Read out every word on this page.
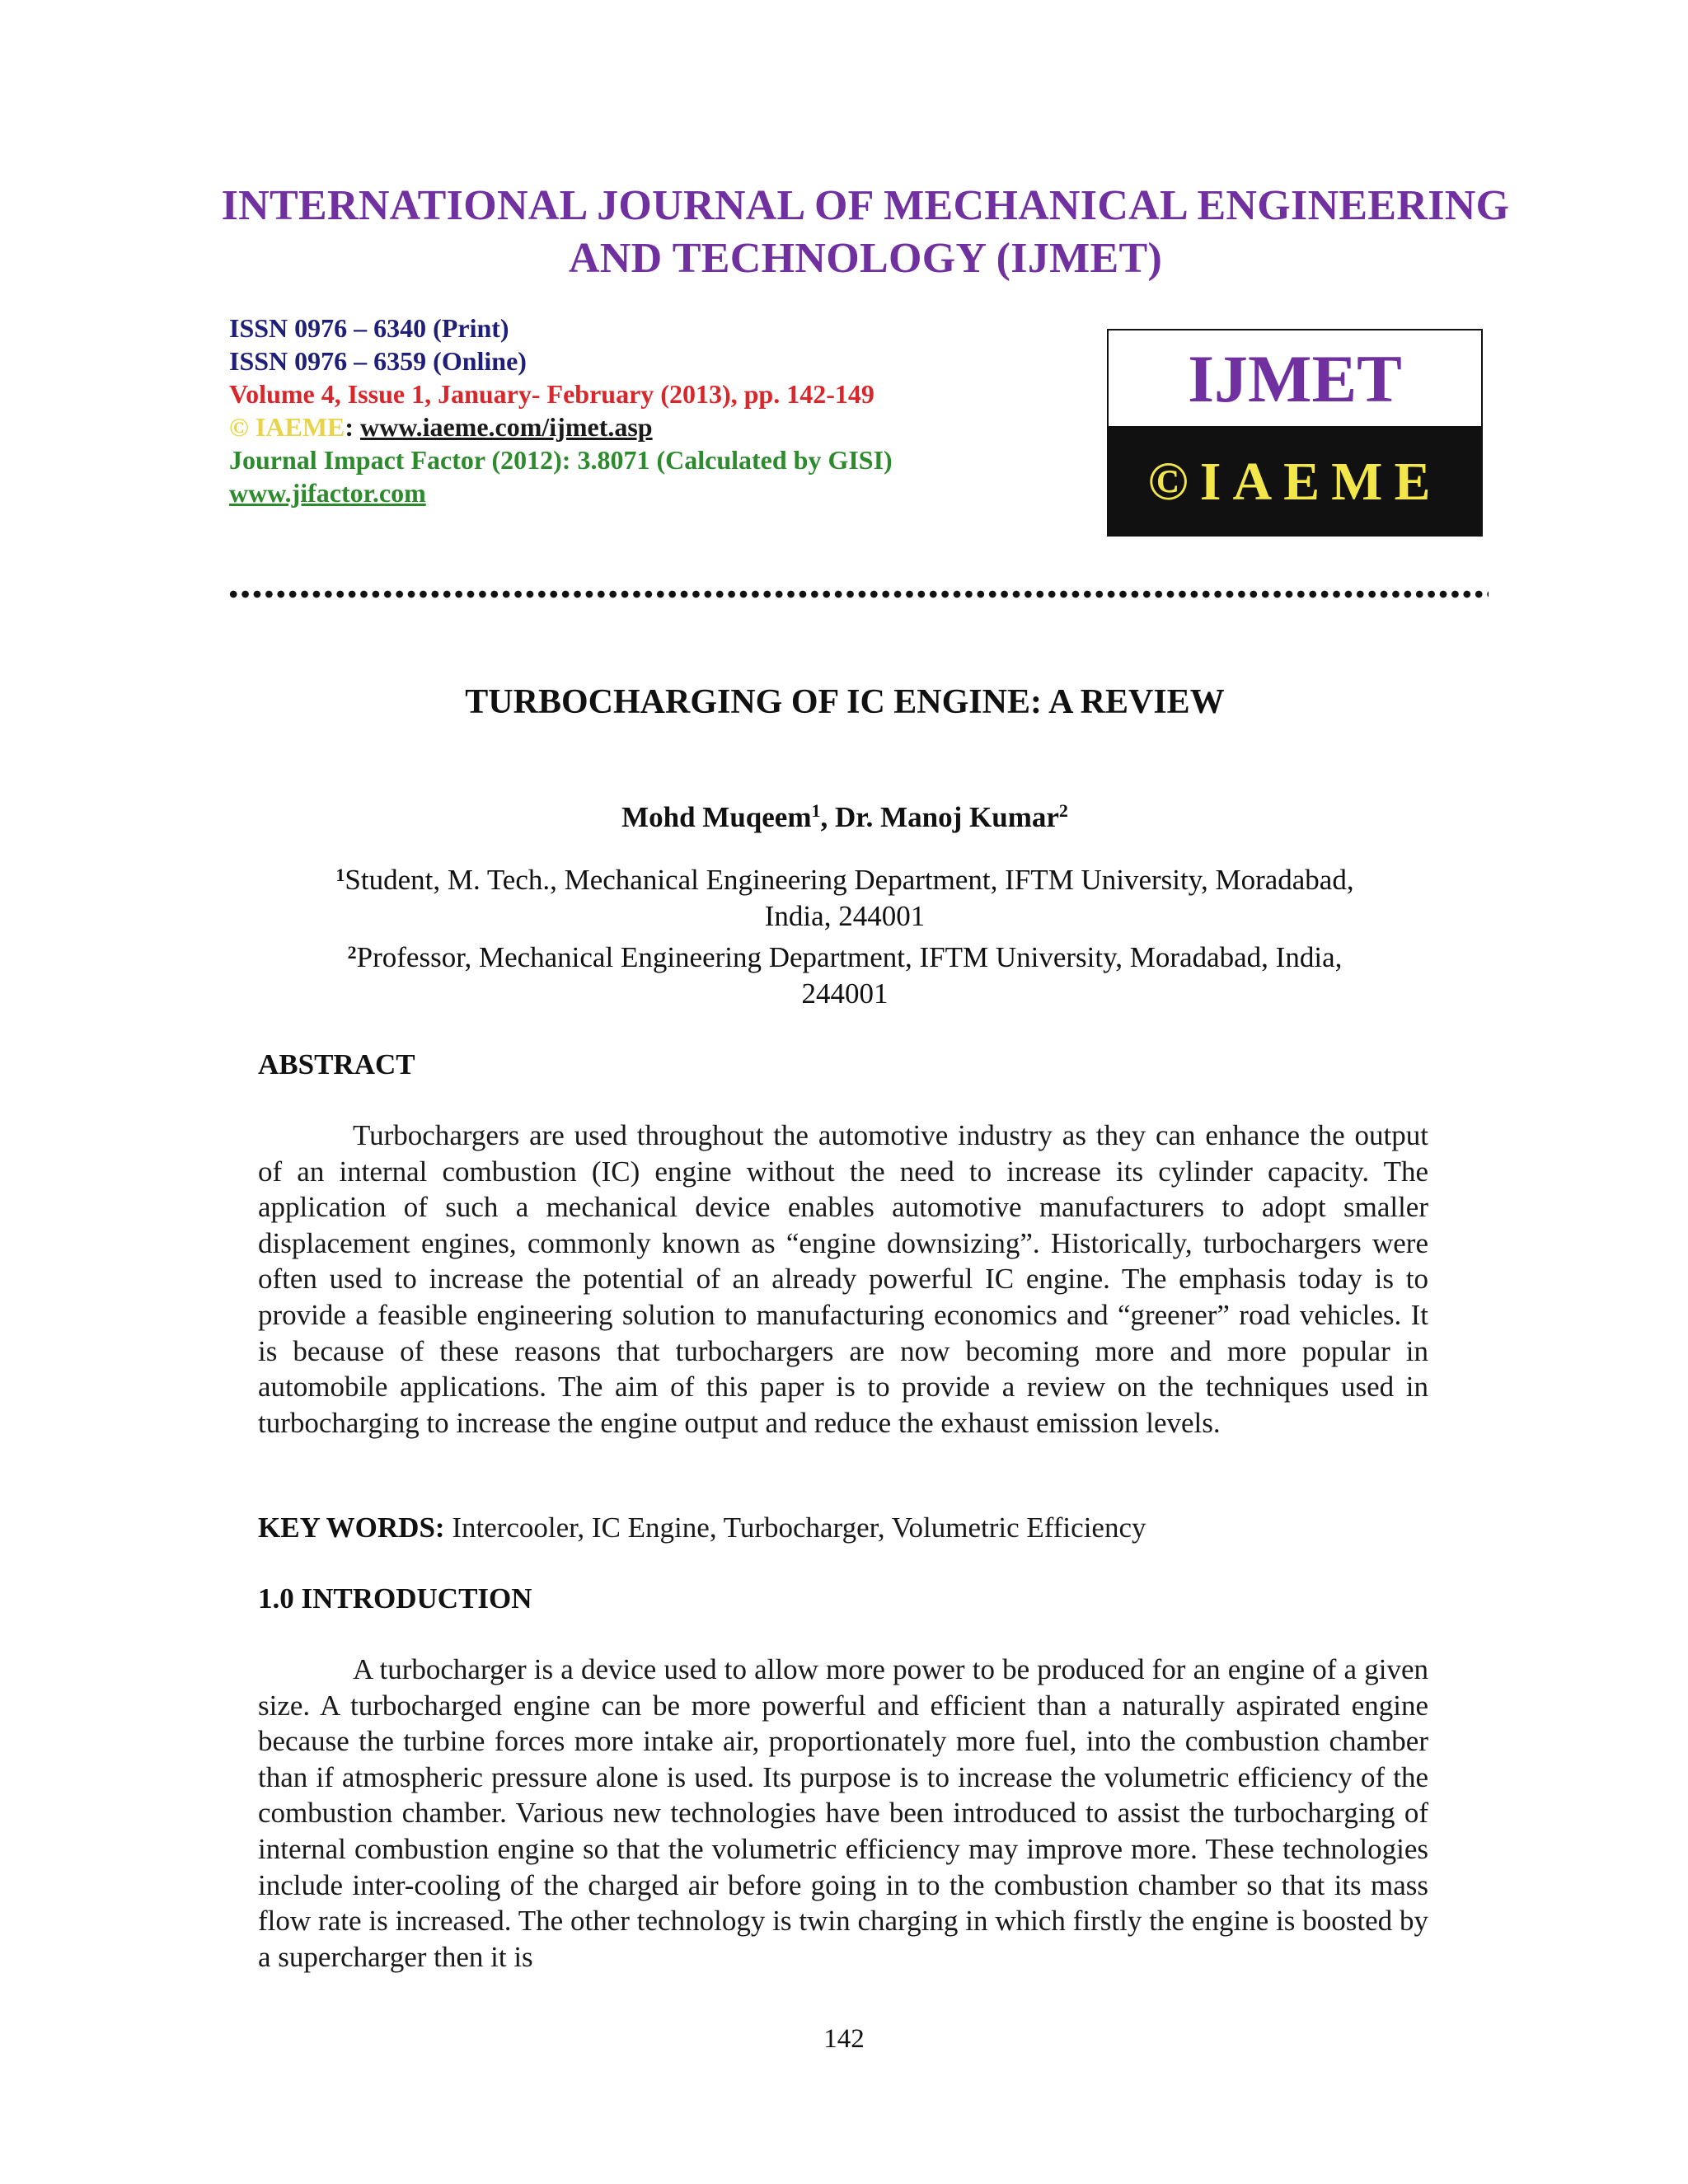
INTERNATIONAL JOURNAL OF MECHANICAL ENGINEERING
AND TECHNOLOGY (IJMET)
ISSN 0976 – 6340 (Print)
ISSN 0976 – 6359 (Online)
Volume 4, Issue 1, January- February (2013), pp. 142-149
© IAEME: www.iaeme.com/ijmet.asp
Journal Impact Factor (2012): 3.8071 (Calculated by GISI)
www.jifactor.com
IJMET
©IAEME
TURBOCHARGING OF IC ENGINE: A REVIEW
Mohd Muqeem$^1$, Dr. Manoj Kumar$^2$
$^1$Student, M. Tech., Mechanical Engineering Department, IFTM University, Moradabad,
India, 244001
$^2$Professor, Mechanical Engineering Department, IFTM University, Moradabad, India,
244001
ABSTRACT

Turbochargers are used throughout the automotive industry as they can enhance the output of an internal combustion (IC) engine without the need to increase its cylinder capacity. The application of such a mechanical device enables automotive manufacturers to adopt smaller displacement engines, commonly known as “engine downsizing”. Historically, turbochargers were often used to increase the potential of an already powerful IC engine. The emphasis today is to provide a feasible engineering solution to manufacturing economics and “greener” road vehicles. It is because of these reasons that turbochargers are now becoming more and more popular in automobile applications. The aim of this paper is to provide a review on the techniques used in turbocharging to increase the engine output and reduce the exhaust emission levels.

KEY WORDS: Intercooler, IC Engine, Turbocharger, Volumetric Efficiency
1.0 INTRODUCTION

A turbocharger is a device used to allow more power to be produced for an engine of a given size. A turbocharged engine can be more powerful and efficient than a naturally aspirated engine because the turbine forces more intake air, proportionately more fuel, into the combustion chamber than if atmospheric pressure alone is used. Its purpose is to increase the volumetric efficiency of the combustion chamber. Various new technologies have been introduced to assist the turbocharging of internal combustion engine so that the volumetric efficiency may improve more. These technologies include inter-cooling of the charged air before going in to the combustion chamber so that its mass flow rate is increased. The other technology is twin charging in which firstly the engine is boosted by a supercharger then it is

142
